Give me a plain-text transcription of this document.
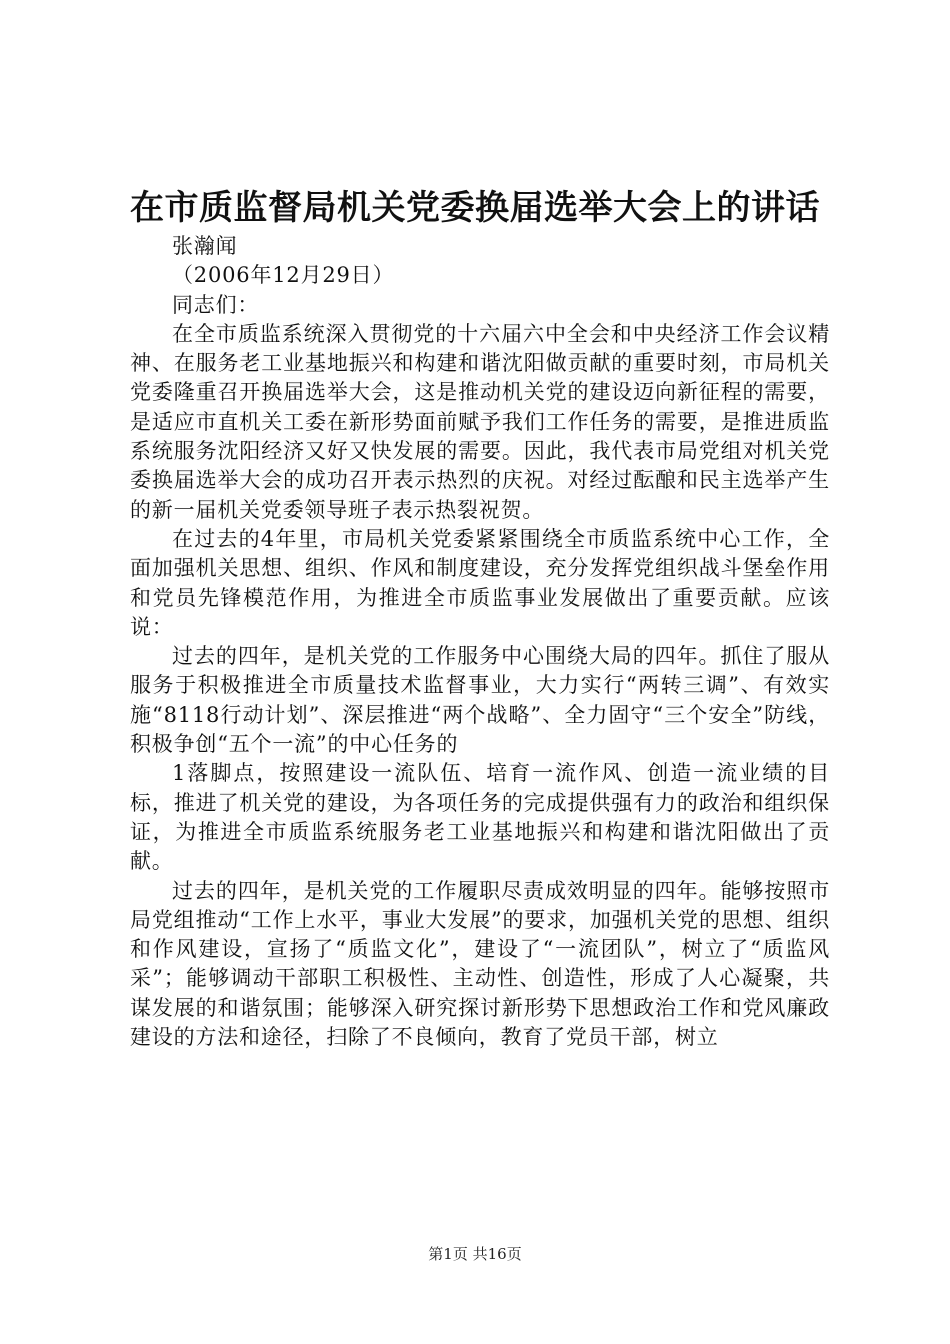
在市质监督局机关党委换届选举大会上的讲话

张瀚闻

（2006年12月29日）

同志们：

在全市质监系统深入贯彻党的十六届六中全会和中央经济工作会议精神、在服务老工业基地振兴和构建和谐沈阳做贡献的重要时刻，市局机关党委隆重召开换届选举大会，这是推动机关党的建设迈向新征程的需要，是适应市直机关工委在新形势面前赋予我们工作任务的需要，是推进质监系统服务沈阳经济又好又快发展的需要。因此，我代表市局党组对机关党委换届选举大会的成功召开表示热烈的庆祝。对经过酝酿和民主选举产生的新一届机关党委领导班子表示热裂祝贺。

在过去的4年里，市局机关党委紧紧围绕全市质监系统中心工作，全面加强机关思想、组织、作风和制度建设，充分发挥党组织战斗堡垒作用和党员先锋模范作用，为推进全市质监事业发展做出了重要贡献。应该说：

过去的四年，是机关党的工作服务中心围绕大局的四年。抓住了服从服务于积极推进全市质量技术监督事业，大力实行“两转三调”、有效实施“8118行动计划”、深层推进“两个战略”、全力固守“三个安全”防线，积极争创“五个一流”的中心任务的

1落脚点，按照建设一流队伍、培育一流作风、创造一流业绩的目标，推进了机关党的建设，为各项任务的完成提供强有力的政治和组织保证，为推进全市质监系统服务老工业基地振兴和构建和谐沈阳做出了贡献。

过去的四年，是机关党的工作履职尽责成效明显的四年。能够按照市局党组推动“工作上水平，事业大发展”的要求，加强机关党的思想、组织和作风建设，宣扬了“质监文化”，建设了“一流团队”，树立了“质监风采”；能够调动干部职工积极性、主动性、创造性，形成了人心凝聚，共谋发展的和谐氛围；能够深入研究探讨新形势下思想政治工作和党风廉政建设的方法和途径，扫除了不良倾向，教育了党员干部，树立

第1页 共16页
